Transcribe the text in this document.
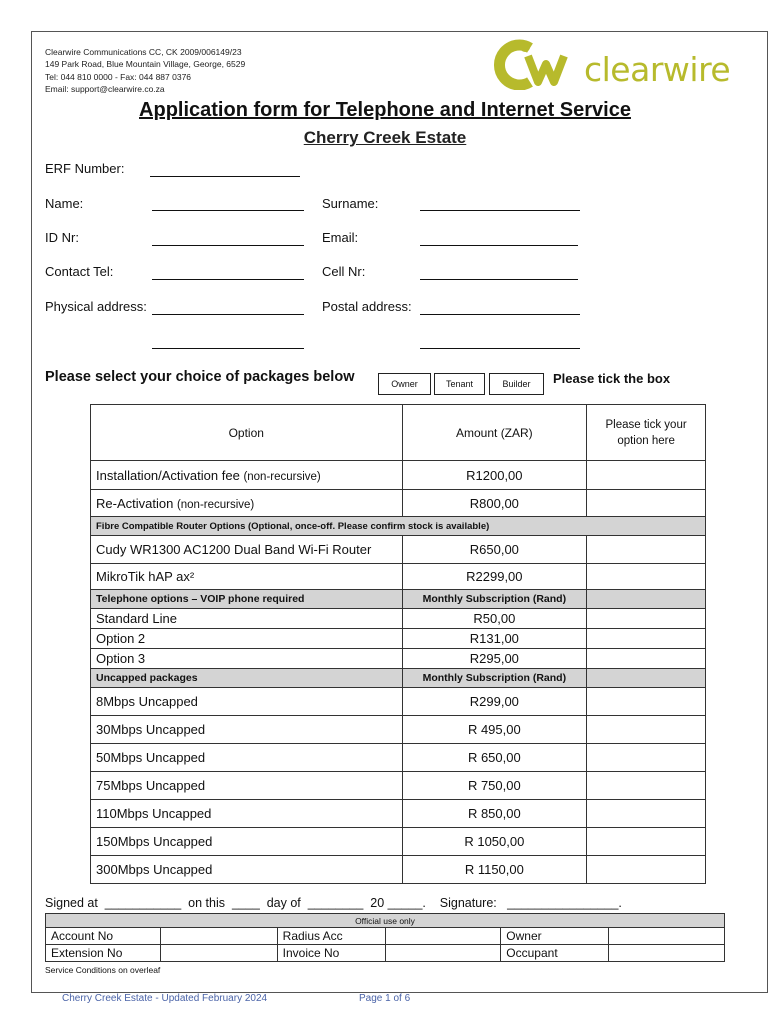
Clearwire Communications CC, CK 2009/006149/23
149 Park Road, Blue Mountain Village, George, 6529
Tel: 044 810 0000 - Fax: 044 887 0376
Email: support@clearwire.co.za
clearwire
Application form for Telephone and Internet Service
Cherry Creek Estate
ERF Number:
Name:	Surname:
ID Nr:	Email:
Contact Tel:	Cell Nr:
Physical address:	Postal address:
Please select your choice of packages below	Owner	Tenant	Builder	Please tick the box
Option	Amount (ZAR)	Please tick your option here
Installation/Activation fee (non-recursive)	R1200,00	
Re-Activation (non-recursive)	R800,00	
Fibre Compatible Router Options (Optional, once-off. Please confirm stock is available)		
Cudy WR1300 AC1200 Dual Band Wi-Fi Router	R650,00	
MikroTik hAP ax²	R2299,00	
Telephone options – VOIP phone required	Monthly Subscription (Rand)	
Standard Line	R50,00	
Option 2	R131,00	
Option 3	R295,00	
Uncapped packages	Monthly Subscription (Rand)	
8Mbps Uncapped	R299,00	
30Mbps Uncapped	R 495,00	
50Mbps Uncapped	R 650,00	
75Mbps Uncapped	R 750,00	
110Mbps Uncapped	R 850,00	
150Mbps Uncapped	R 1050,00	
300Mbps Uncapped	R 1150,00	
Signed at  ___________  on this  ____  day of  ________  20 _____.    Signature:   ________________.
Official use only					
Account No		Radius Acc		Owner	
Extension No		Invoice No		Occupant	
Service Conditions on overleaf
Cherry Creek Estate - Updated February 2024	Page 1 of 6
